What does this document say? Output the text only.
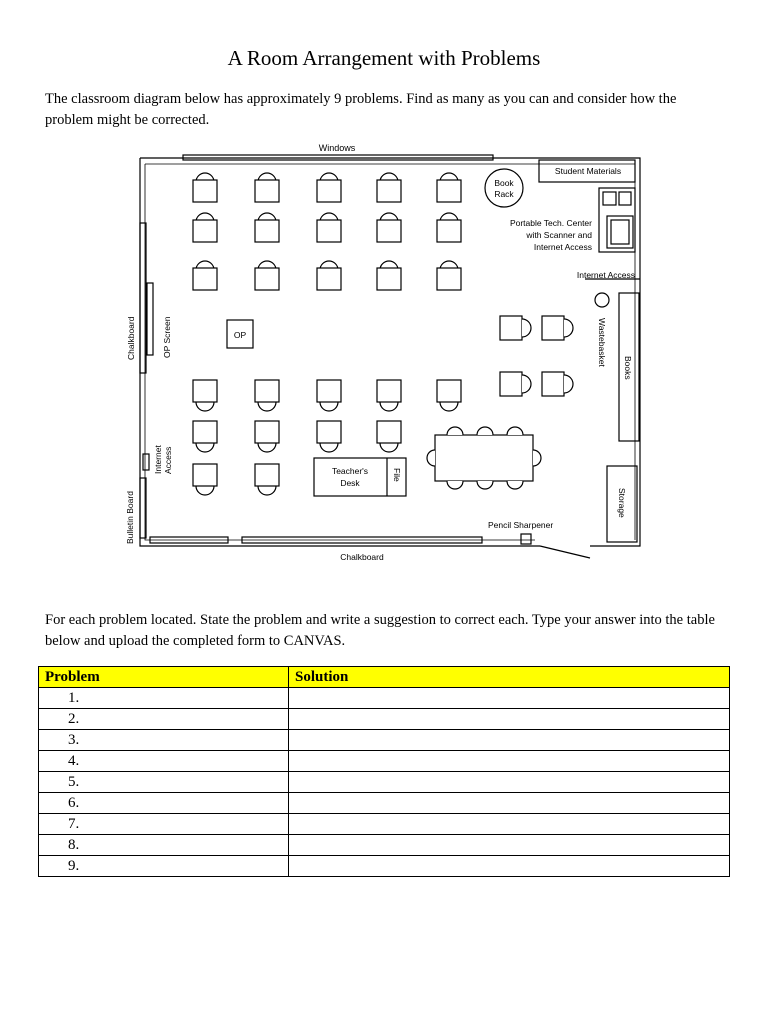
A Room Arrangement with Problems
The classroom diagram below has approximately 9 problems. Find as many as you can and consider how the problem might be corrected.
Windows
Student Materials
Book
Rack
Portable Tech. Center
with Scanner and
Internet Access
Internet Access
Wastebasket
Books
Storage
Pencil Sharpener
Chalkboard
Chalkboard	OP Screen	OP
Internet Access
Bulletin Board
Teacher's
Desk
File
For each problem located. State the problem and write a suggestion to correct each. Type your answer into the table below and upload the completed form to CANVAS.
Problem	Solution
1.	
2.	
3.	
4.	
5.	
6.	
7.	
8.	
9.	
